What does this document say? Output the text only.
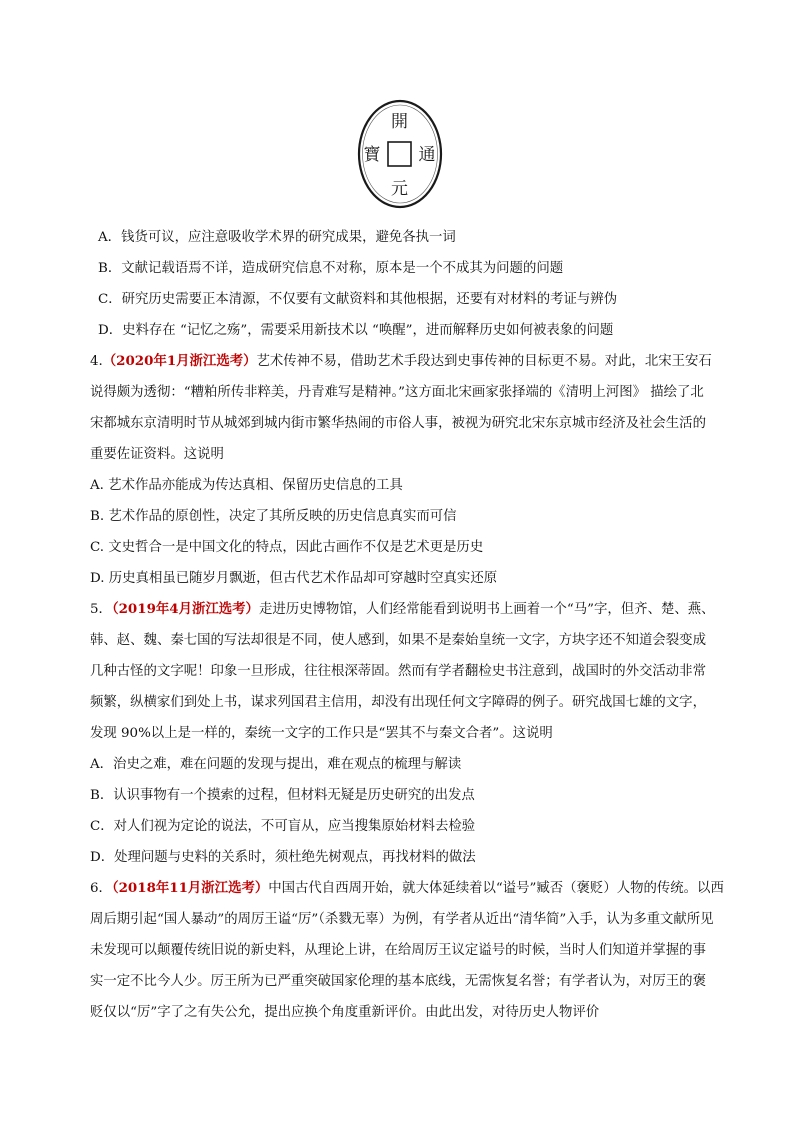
開
通
元
寶

A．钱货可议，应注意吸收学术界的研究成果，避免各执一词

B．文献记载语焉不详，造成研究信息不对称，原本是一个不成其为问题的问题

C．研究历史需要正本清源，不仅要有文献资料和其他根据，还要有对材料的考证与辨伪

D．史料存在 “记忆之殇”，需要采用新技术以 “唤醒”，进而解释历史如何被表象的问题

4.（2020年1月浙江选考）艺术传神不易，借助艺术手段达到史事传神的目标更不易。对此，北宋王安石

说得颇为透彻：“糟粕所传非粹美，丹青难写是精神。”这方面北宋画家张择端的《清明上河图》 描绘了北

宋都城东京清明时节从城郊到城内街市繁华热闹的市俗人事，被视为研究北宋东京城市经济及社会生活的

重要佐证资料。这说明

A. 艺术作品亦能成为传达真相、保留历史信息的工具

B. 艺术作品的原创性，决定了其所反映的历史信息真实而可信

C. 文史哲合一是中国文化的特点，因此古画作不仅是艺术更是历史

D. 历史真相虽已随岁月飘逝，但古代艺术作品却可穿越时空真实还原

5．（2019年4月浙江选考）走进历史博物馆，人们经常能看到说明书上画着一个“马”字，但齐、楚、燕、

韩、赵、魏、秦七国的写法却很是不同，使人感到，如果不是秦始皇统一文字，方块字还不知道会裂变成

几种古怪的文字呢！印象一旦形成，往往根深蒂固。然而有学者翻检史书注意到，战国时的外交活动非常

频繁，纵横家们到处上书，谋求列国君主信用，却没有出现任何文字障碍的例子。研究战国七雄的文字，

发现 90%以上是一样的，秦统一文字的工作只是“罢其不与秦文合者”。这说明

A．治史之难，难在问题的发现与提出，难在观点的梳理与解读

B．认识事物有一个摸索的过程，但材料无疑是历史研究的出发点

C．对人们视为定论的说法，不可盲从，应当搜集原始材料去检验

D．处理问题与史料的关系时，须杜绝先树观点，再找材料的做法

6．（2018年11月浙江选考）中国古代自西周开始，就大体延续着以“谥号”臧否（褒贬）人物的传统。以西

周后期引起“国人暴动”的周厉王谥“厉”（杀戮无辜）为例，有学者从近出“清华简”入手，认为多重文献所见

未发现可以颠覆传统旧说的新史料，从理论上讲，在给周厉王议定谥号的时候，当时人们知道并掌握的事

实一定不比今人少。厉王所为已严重突破国家伦理的基本底线，无需恢复名誉；有学者认为，对厉王的褒

贬仅以“厉”字了之有失公允，提出应换个角度重新评价。由此出发，对待历史人物评价
